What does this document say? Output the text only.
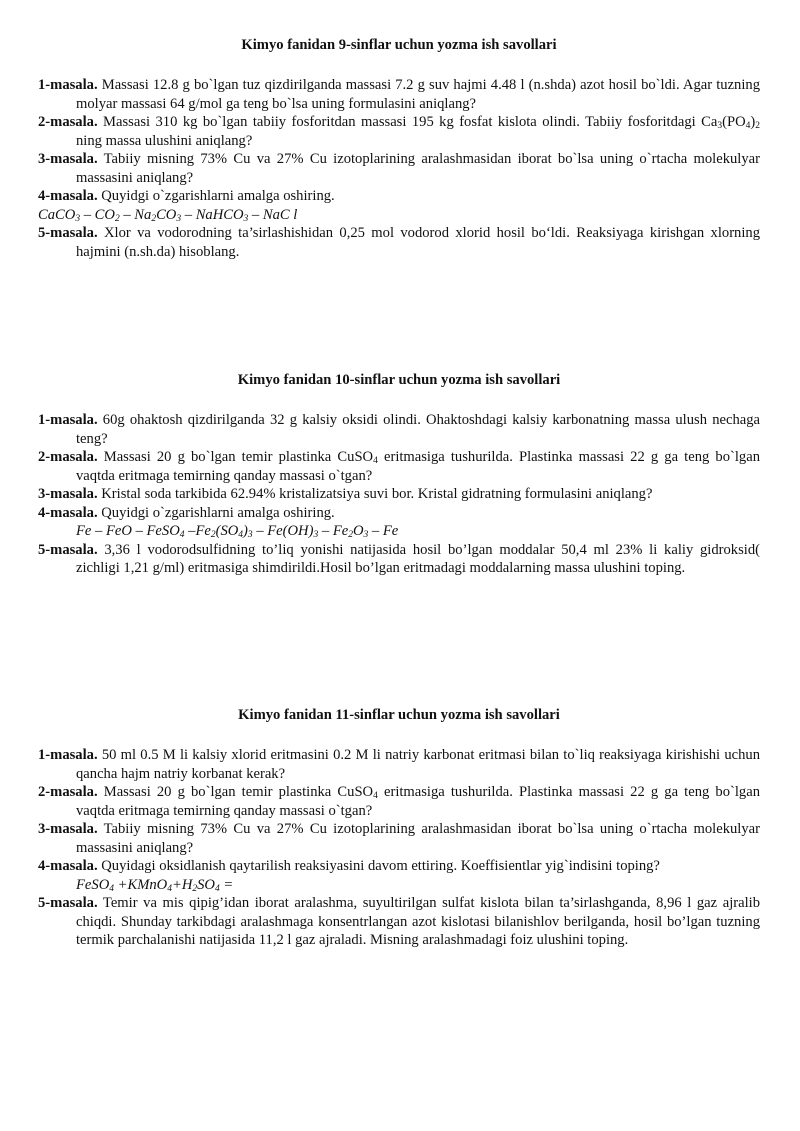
Kimyo fanidan 9-sinflar uchun yozma ish savollari

1-masala. Massasi 12.8 g bo`lgan tuz qizdirilganda massasi 7.2 g suv hajmi 4.48 l (n.shda) azot hosil bo`ldi. Agar tuzning molyar massasi 64 g/mol ga teng bo`lsa uning formulasini aniqlang?

2-masala. Massasi 310 kg bo`lgan tabiiy fosforitdan massasi 195 kg fosfat kislota olindi. Tabiiy fosforitdagi $Ca_3(PO_4)_2$ ning massa ulushini aniqlang?

3-masala. Tabiiy misning 73% Cu va 27% Cu izotoplarining aralashmasidan iborat bo`lsa uning o`rtacha molekulyar massasini aniqlang?

4-masala. Quyidgi o`zgarishlarni amalga oshiring.

CaCO$_3$ – $CO_2 - Na_2CO_3$ – NaHCO$_3$ – NaC l

5-masala. Xlor va vodorodning ta’sirlashishidan 0,25 mol vodorod xlorid hosil bo‘ldi. Reaksiyaga kirishgan xlorning hajmini (n.sh.da) hisoblang.

Kimyo fanidan 10-sinflar uchun yozma ish savollari

1-masala. 60g ohaktosh qizdirilganda 32 g kalsiy oksidi olindi. Ohaktoshdagi kalsiy karbonatning massa ulush nechaga teng?

2-masala. Massasi 20 g bo`lgan temir plastinka CuSO$_4$ eritmasiga tushurildа. Plastinka massasi 22 g ga teng bo`lgan vaqtda eritmaga temirning qanday massasi o`tgan?

3-masala. Kristal soda tarkibida 62.94% kristalizatsiya suvi bor. Kristal gidratning formulasini aniqlang?

4-masala. Quyidgi o`zgarishlarni amalga oshiring.

Fe – FeO – FeSO$_4$ $-Fe_2(SO_4)_3 - Fe(OH)_3 - Fe_2O_3$ – Fe

5-masala. 3,36 l vodorodsulfidning to’liq yonishi natijasida hosil bo’lgan moddalar 50,4 ml 23% li kaliy gidroksid( zichligi 1,21 g/ml) eritmasiga shimdirildi.Hosil bo’lgan eritmadagi moddalarning massa ulushini toping.

Kimyo fanidan 11-sinflar uchun yozma ish savollari

1-masala. 50 ml 0.5 M li kalsiy xlorid eritmasini 0.2 M li natriy karbonat eritmasi bilan to`liq reaksiyaga kirishishi uchun qancha hajm natriy korbanat kerak?

2-masala. Massasi 20 g bo`lgan temir plastinka CuSO$_4$ eritmasiga tushurildа. Plastinka massasi 22 g ga teng bo`lgan vaqtda eritmaga temirning qanday massasi o`tgan?

3-masala. Tabiiy misning 73% Cu va 27% Cu izotoplarining aralashmasidan iborat bo`lsa uning o`rtacha molekulyar massasini aniqlang?

4-masala. Quyidagi oksidlanish qaytarilish reaksiyasini davom ettiring. Koeffisientlar yig`indisini toping?

FeSO$_4$ $+KMnO_4+H_2SO_4$ =

5-masala. Temir va mis qipig’idan iborat aralashma, suyultirilgan sulfat kislota bilan ta’sirlashganda, 8,96 l gaz ajralib chiqdi. Shunday tarkibdagi aralashmaga konsentrlangan azot kislotasi bilanishlov berilganda, hosil bo’lgan tuzning termik parchalanishi natijasida 11,2 l gaz ajraladi. Misning aralashmadagi foiz ulushini toping.
